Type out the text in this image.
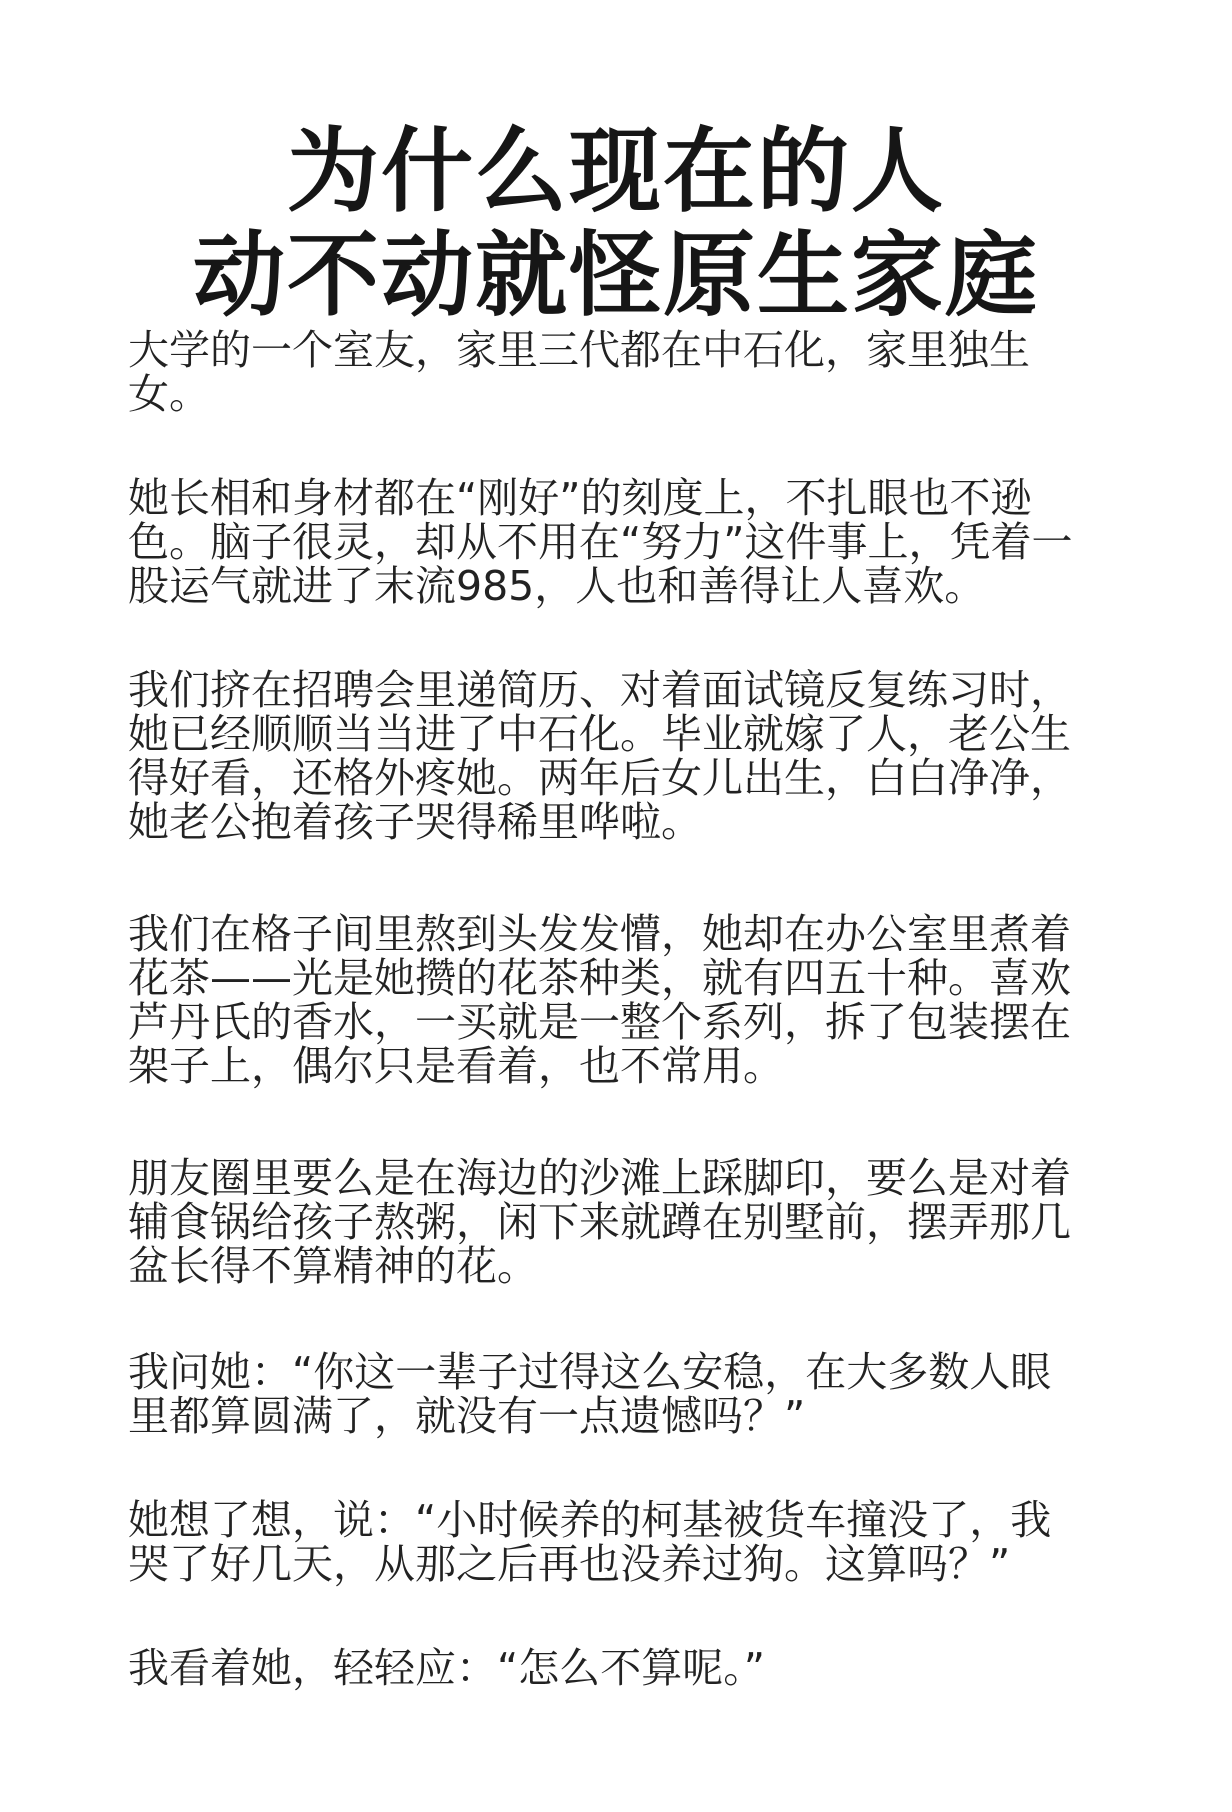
为什么现在的人
动不动就怪原生家庭

大学的一个室友，家里三代都在中石化，家里独生女。

她长相和身材都在“刚好”的刻度上，不扎眼也不逊色。脑子很灵，却从不用在“努力”这件事上，凭着一股运气就进了末流985，人也和善得让人喜欢。

我们挤在招聘会里递简历、对着面试镜反复练习时，她已经顺顺当当进了中石化。毕业就嫁了人，老公生得好看，还格外疼她。两年后女儿出生，白白净净，她老公抱着孩子哭得稀里哗啦。

我们在格子间里熬到头发发懵，她却在办公室里煮着花茶——光是她攒的花茶种类，就有四五十种。喜欢芦丹氏的香水，一买就是一整个系列，拆了包装摆在架子上，偶尔只是看着，也不常用。

朋友圈里要么是在海边的沙滩上踩脚印，要么是对着辅食锅给孩子熬粥，闲下来就蹲在别墅前，摆弄那几盆长得不算精神的花。

我问她：“你这一辈子过得这么安稳，在大多数人眼里都算圆满了，就没有一点遗憾吗？”

她想了想，说：“小时候养的柯基被货车撞没了，我哭了好几天，从那之后再也没养过狗。这算吗？”

我看着她，轻轻应：“怎么不算呢。”
